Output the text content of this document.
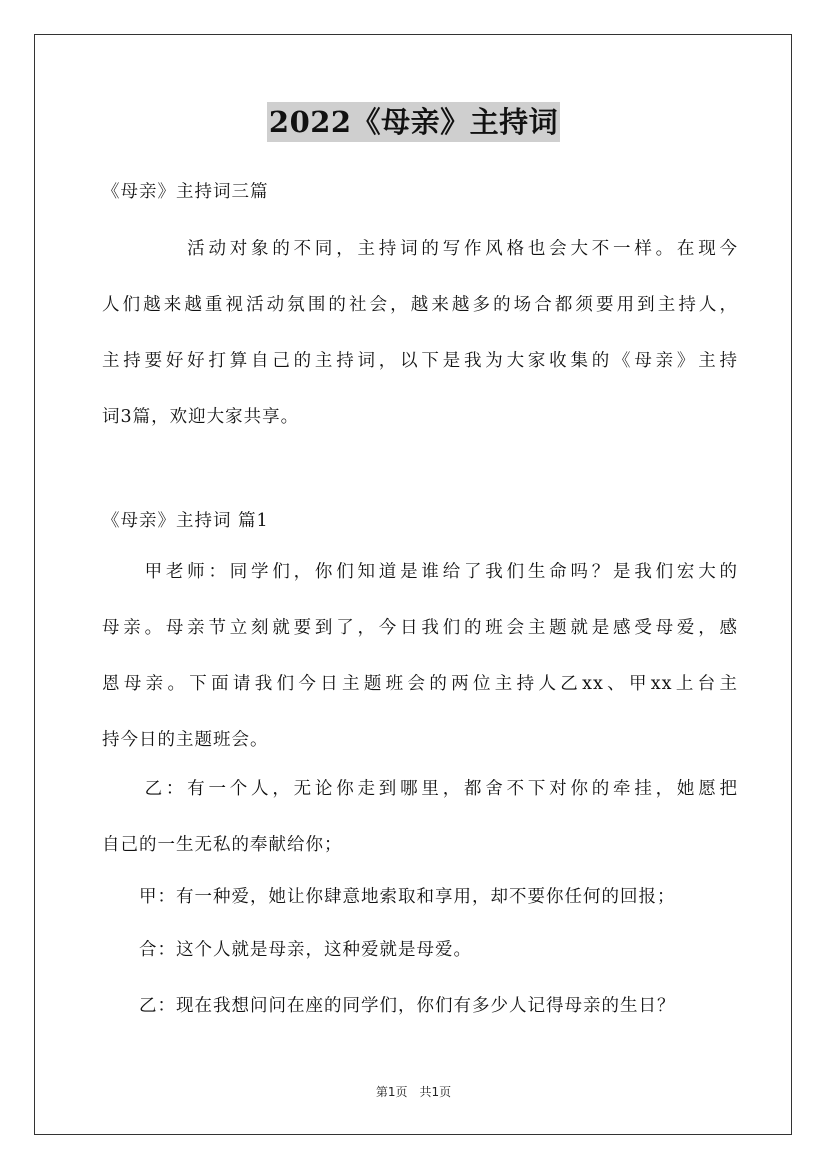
2022《母亲》主持词

《母亲》主持词三篇

　　　　活动对象的不同，主持词的写作风格也会大不一样。在现今
人们越来越重视活动氛围的社会，越来越多的场合都须要用到主持人，
主持要好好打算自己的主持词，以下是我为大家收集的《母亲》主持
词3篇，欢迎大家共享。

《母亲》主持词 篇1

　　甲老师：同学们，你们知道是谁给了我们生命吗？是我们宏大的
母亲。母亲节立刻就要到了，今日我们的班会主题就是感受母爱，感
恩母亲。下面请我们今日主题班会的两位主持人乙xx、甲xx上台主
持今日的主题班会。
　　乙：有一个人，无论你走到哪里，都舍不下对你的牵挂，她愿把
自己的一生无私的奉献给你；
　　甲：有一种爱，她让你肆意地索取和享用，却不要你任何的回报；
　　合：这个人就是母亲，这种爱就是母爱。
　　乙：现在我想问问在座的同学们，你们有多少人记得母亲的生日？
第1页　共1页
